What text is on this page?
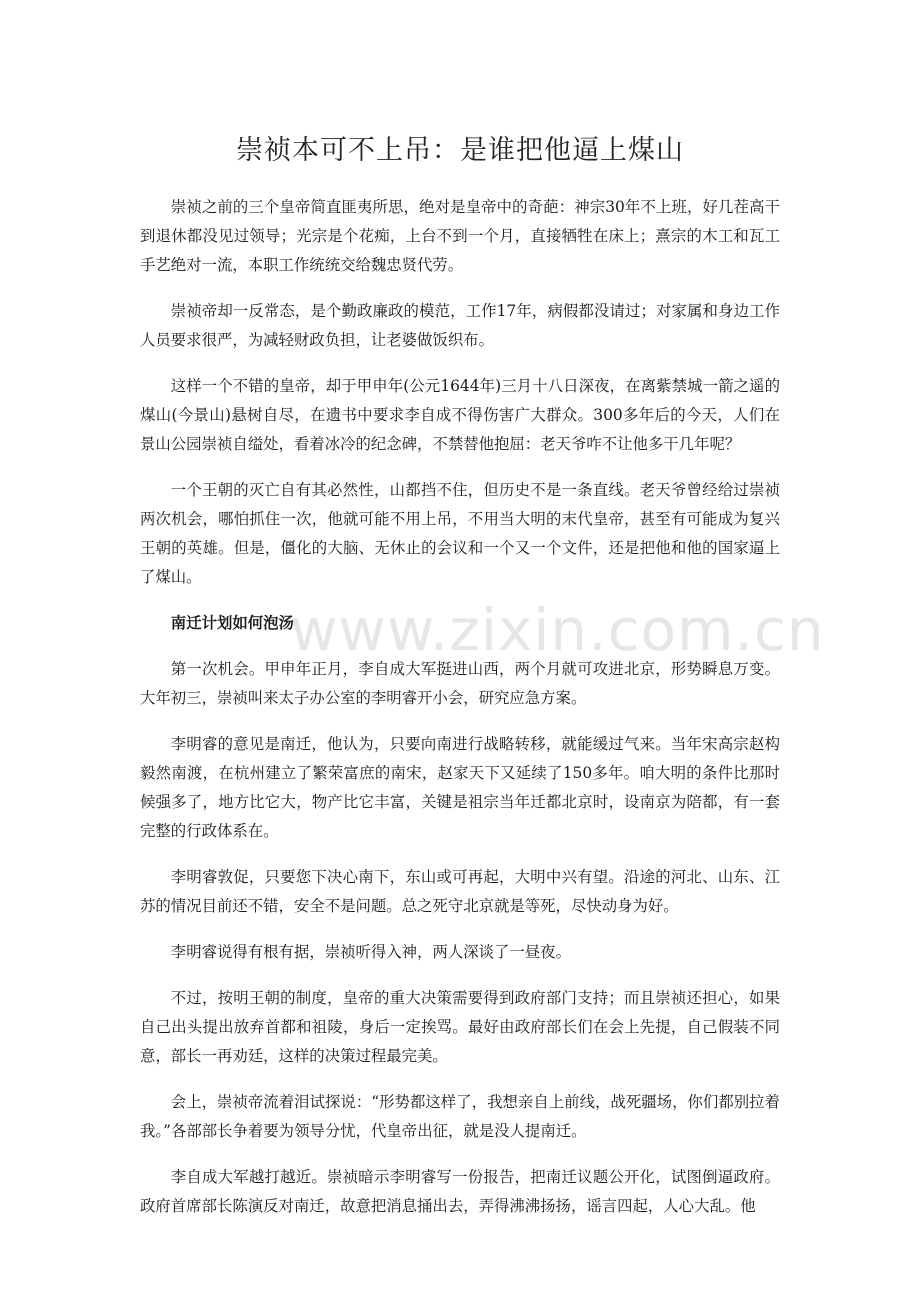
崇祯本可不上吊：是谁把他逼上煤山

崇祯之前的三个皇帝简直匪夷所思，绝对是皇帝中的奇葩：神宗30年不上班，好几茬高干到退休都没见过领导；光宗是个花痴，上台不到一个月，直接牺牲在床上；熹宗的木工和瓦工手艺绝对一流，本职工作统统交给魏忠贤代劳。

崇祯帝却一反常态，是个勤政廉政的模范，工作17年，病假都没请过；对家属和身边工作人员要求很严，为减轻财政负担，让老婆做饭织布。

这样一个不错的皇帝，却于甲申年(公元1644年)三月十八日深夜，在离紫禁城一箭之遥的煤山(今景山)悬树自尽，在遗书中要求李自成不得伤害广大群众。300多年后的今天，人们在景山公园崇祯自缢处，看着冰冷的纪念碑，不禁替他抱屈：老天爷咋不让他多干几年呢？

一个王朝的灭亡自有其必然性，山都挡不住，但历史不是一条直线。老天爷曾经给过崇祯两次机会，哪怕抓住一次，他就可能不用上吊，不用当大明的末代皇帝，甚至有可能成为复兴王朝的英雄。但是，僵化的大脑、无休止的会议和一个又一个文件，还是把他和他的国家逼上了煤山。

南迁计划如何泡汤

第一次机会。甲申年正月，李自成大军挺进山西，两个月就可攻进北京，形势瞬息万变。大年初三，崇祯叫来太子办公室的李明睿开小会，研究应急方案。

李明睿的意见是南迁，他认为，只要向南进行战略转移，就能缓过气来。当年宋高宗赵构毅然南渡，在杭州建立了繁荣富庶的南宋，赵家天下又延续了150多年。咱大明的条件比那时候强多了，地方比它大，物产比它丰富，关键是祖宗当年迁都北京时，设南京为陪都，有一套完整的行政体系在。

李明睿敦促，只要您下决心南下，东山或可再起，大明中兴有望。沿途的河北、山东、江苏的情况目前还不错，安全不是问题。总之死守北京就是等死，尽快动身为好。

李明睿说得有根有据，崇祯听得入神，两人深谈了一昼夜。

不过，按明王朝的制度，皇帝的重大决策需要得到政府部门支持；而且崇祯还担心，如果自己出头提出放弃首都和祖陵，身后一定挨骂。最好由政府部长们在会上先提，自己假装不同意，部长一再劝廷，这样的决策过程最完美。

会上，崇祯帝流着泪试探说：“形势都这样了，我想亲自上前线，战死疆场，你们都别拉着我。”各部部长争着要为领导分忧，代皇帝出征，就是没人提南迁。

李自成大军越打越近。崇祯暗示李明睿写一份报告，把南迁议题公开化，试图倒逼政府。政府首席部长陈演反对南迁，故意把消息捅出去，弄得沸沸扬扬，谣言四起，人心大乱。他

www.zixin.com.cn
